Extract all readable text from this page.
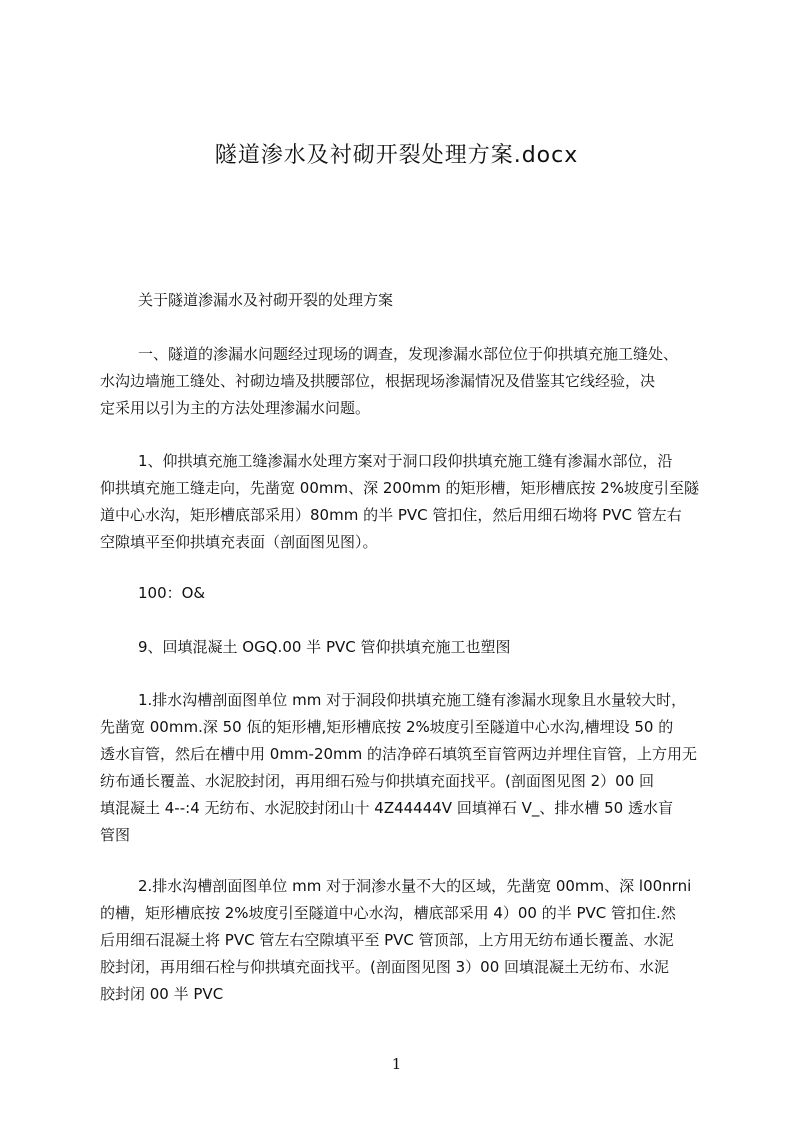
隧道渗水及衬砌开裂处理方案.docx
关于隧道渗漏水及衬砌开裂的处理方案
一、隧道的渗漏水问题经过现场的调查，发现渗漏水部位位于仰拱填充施工缝处、
水沟边墙施工缝处、衬砌边墙及拱腰部位，根据现场渗漏情况及借鉴其它线经验，决
定采用以引为主的方法处理渗漏水问题。
1、仰拱填充施工缝渗漏水处理方案对于洞口段仰拱填充施工缝有渗漏水部位，沿
仰拱填充施工缝走向，先凿宽 00mm、深 200mm 的矩形槽，矩形槽底按 2%坡度引至隧
道中心水沟，矩形槽底部采用）80mm 的半 PVC 管扣住，然后用细石坳将 PVC 管左右
空隙填平至仰拱填充表面（剖面图见图）。
100：O&
9、回填混凝土 OGQ.00 半 PVC 管仰拱填充施工也塑图
1.排水沟槽剖面图单位 mm 对于洞段仰拱填充施工缝有渗漏水现象且水量较大时，
先凿宽 00mm.深 50 佤的矩形槽,矩形槽底按 2%坡度引至隧道中心水沟,槽埋设 50 的
透水盲管，然后在槽中用 0mm-20mm 的洁净碎石填筑至盲管两边并埋住盲管，上方用无
纺布通长覆盖、水泥胶封闭，再用细石殓与仰拱填充面找平。(剖面图见图 2）00 回
填混凝土 4--:4 无纺布、水泥胶封闭山十 4Z44444V 回填禅石 V_、排水槽 50 透水盲
管图
2.排水沟槽剖面图单位 mm 对于洞渗水量不大的区域，先凿宽 00mm、深 l00nrni
的槽，矩形槽底按 2%坡度引至隧道中心水沟，槽底部采用 4）00 的半 PVC 管扣住.然
后用细石混凝土将 PVC 管左右空隙填平至 PVC 管顶部，上方用无纺布通长覆盖、水泥
胶封闭，再用细石栓与仰拱填充面找平。(剖面图见图 3）00 回填混凝土无纺布、水泥
胶封闭 00 半 PVC
1
